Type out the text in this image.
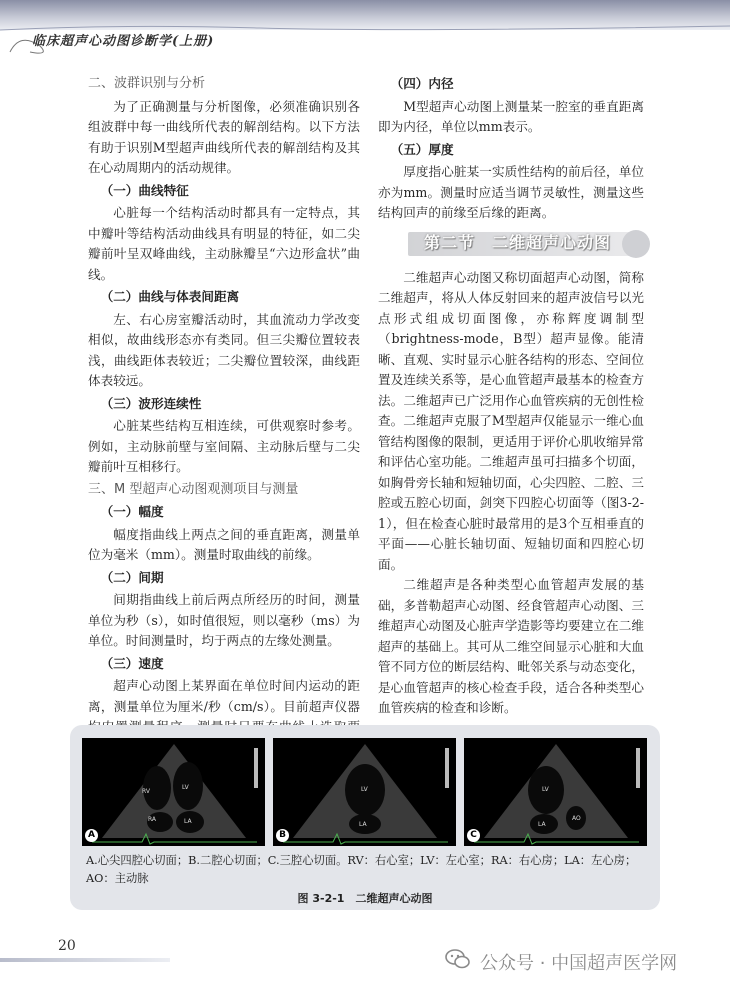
临床超声心动图诊断学(上册)
二、波群识别与分析

为了正确测量与分析图像，必须准确识别各组波群中每一曲线所代表的解剖结构。以下方法有助于识别M型超声曲线所代表的解剖结构及其在心动周期内的活动规律。

（一）曲线特征

心脏每一个结构活动时都具有一定特点，其中瓣叶等结构活动曲线具有明显的特征，如二尖瓣前叶呈双峰曲线，主动脉瓣呈“六边形盒状”曲线。

（二）曲线与体表间距离

左、右心房室瓣活动时，其血流动力学改变相似，故曲线形态亦有类同。但三尖瓣位置较表浅，曲线距体表较近；二尖瓣位置较深，曲线距体表较远。

（三）波形连续性

心脏某些结构互相连续，可供观察时参考。例如，主动脉前壁与室间隔、主动脉后壁与二尖瓣前叶互相移行。

三、M 型超声心动图观测项目与测量
（一）幅度

幅度指曲线上两点之间的垂直距离，测量单位为毫米（mm）。测量时取曲线的前缘。

（二）间期

间期指曲线上前后两点所经历的时间，测量单位为秒（s），如时值很短，则以毫秒（ms）为单位。时间测量时，均于两点的左缘处测量。

（三）速度

超声心动图上某界面在单位时间内运动的距离，测量单位为厘米/秒（cm/s）。目前超声仪器

（四）内径

M型超声心动图上测量某一腔室的垂直距离即为内径，单位以mm表示。

（五）厚度

厚度指心脏某一实质性结构的前后径，单位亦为mm。测量时应适当调节灵敏性，测量这些结构回声的前缘至后缘的距离。

第二节　二维超声心动图

二维超声心动图又称切面超声心动图，简称二维超声，将从人体反射回来的超声波信号以光点形式组成切面图像，亦称辉度调制型（brightness-mode，B型）超声显像。能清晰、直观、实时显示心脏各结构的形态、空间位置及连续关系等，是心血管超声最基本的检查方法。二维超声已广泛用作心血管疾病的无创性检查。二维超声克服了M型超声仅能显示一维心血管结构图像的限制，更适用于评价心肌收缩异常和评估心室功能。二维超声虽可扫描多个切面，如胸骨旁长轴和短轴切面，心尖四腔、二腔、三腔或五腔心切面，剑突下四腔心切面等（图3-2-1），但在检查心脏时最常用的是3个互相垂直的平面——心脏长轴切面、短轴切面和四腔心切面。

二维超声是各种类型心血管超声发展的基础，多普勒超声心动图、经食管超声心动图、三维超声心动图及心脏声学造影等均要建立在二维超声的基础上。其可从二维空间显示心脏和大血管不同方位的断层结构、毗邻关系与动态变化，是心血管超声的核心检查手段，适合各种类型心血管疾病的检查和诊断。

RV
LV
RA	LA
A
LV
LA
B
LV
LA
AO
C
A.心尖四腔心切面；B.二腔心切面；C.三腔心切面。RV：右心室；LV：左心室；RA：右心房；LA：左心房；AO：主动脉
图 3-2-1　二维超声心动图
20
公众号 · 中国超声医学网
